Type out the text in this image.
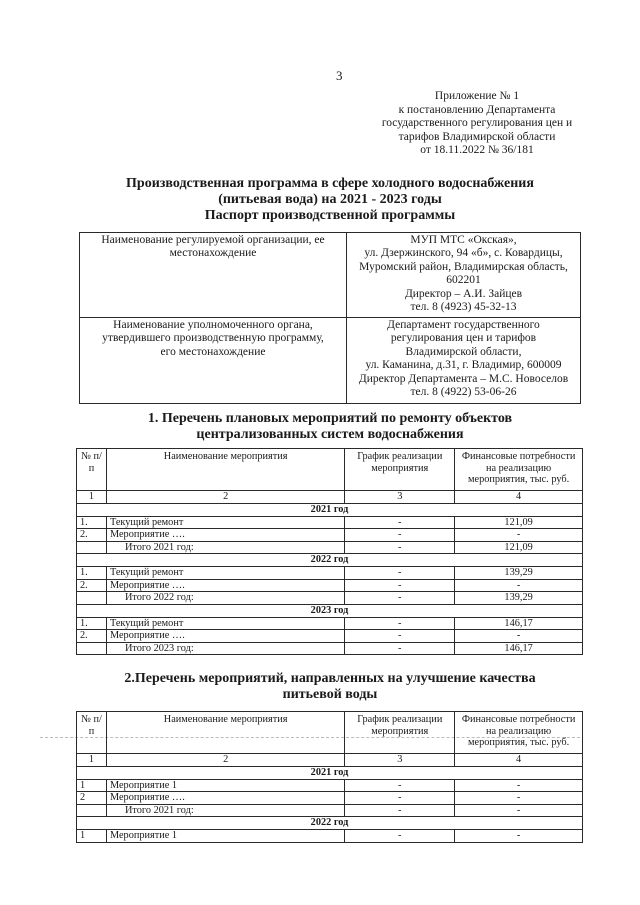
3
Приложение № 1
к постановлению Департамента
государственного регулирования цен и
тарифов Владимирской области
от 18.11.2022 № 36/181
Производственная программа в сфере холодного водоснабжения
(питьевая вода) на 2021 - 2023 годы
Паспорт производственной программы
Наименование регулируемой организации, ее
местонахождение

МУП МТС «Окская»,
ул. Дзержинского, 94 «б», с. Ковардицы,
Муромский район, Владимирская область,
602201
Директор – А.И. Зайцев
тел. 8 (4923) 45-32-13

Наименование уполномоченного органа,
утвердившего производственную программу,
его местонахождение

Департамент государственного
регулирования цен и тарифов
Владимирской области,
ул. Каманина, д.31, г. Владимир, 600009
Директор Департамента – М.С. Новоселов
тел. 8 (4922) 53-06-26
1. Перечень плановых мероприятий по ремонту объектов
централизованных систем водоснабжения
№ п/п	Наименование мероприятия	График реализации мероприятия	Финансовые потребности на реализацию мероприятия, тыс. руб.
1	2	3	4
2021 год			
1.	Текущий ремонт	-	121,09
2.	Мероприятие ….	-	-
	Итого 2021 год:	-	121,09
2022 год			
1.	Текущий ремонт	-	139,29
2.	Мероприятие ….	-	-
	Итого 2022 год:	-	139,29
2023 год			
1.	Текущий ремонт	-	146,17
2.	Мероприятие ….	-	-
	Итого 2023 год:	-	146,17
2.Перечень мероприятий, направленных на улучшение качества
питьевой воды
№ п/п	Наименование мероприятия	График реализации мероприятия	Финансовые потребности на реализацию мероприятия, тыс. руб.
1	2	3	4
2021 год			
1	Мероприятие 1	-	-
2	Мероприятие ….	-	-
	Итого 2021 год:	-	-
2022 год			
1	Мероприятие 1	-	-
